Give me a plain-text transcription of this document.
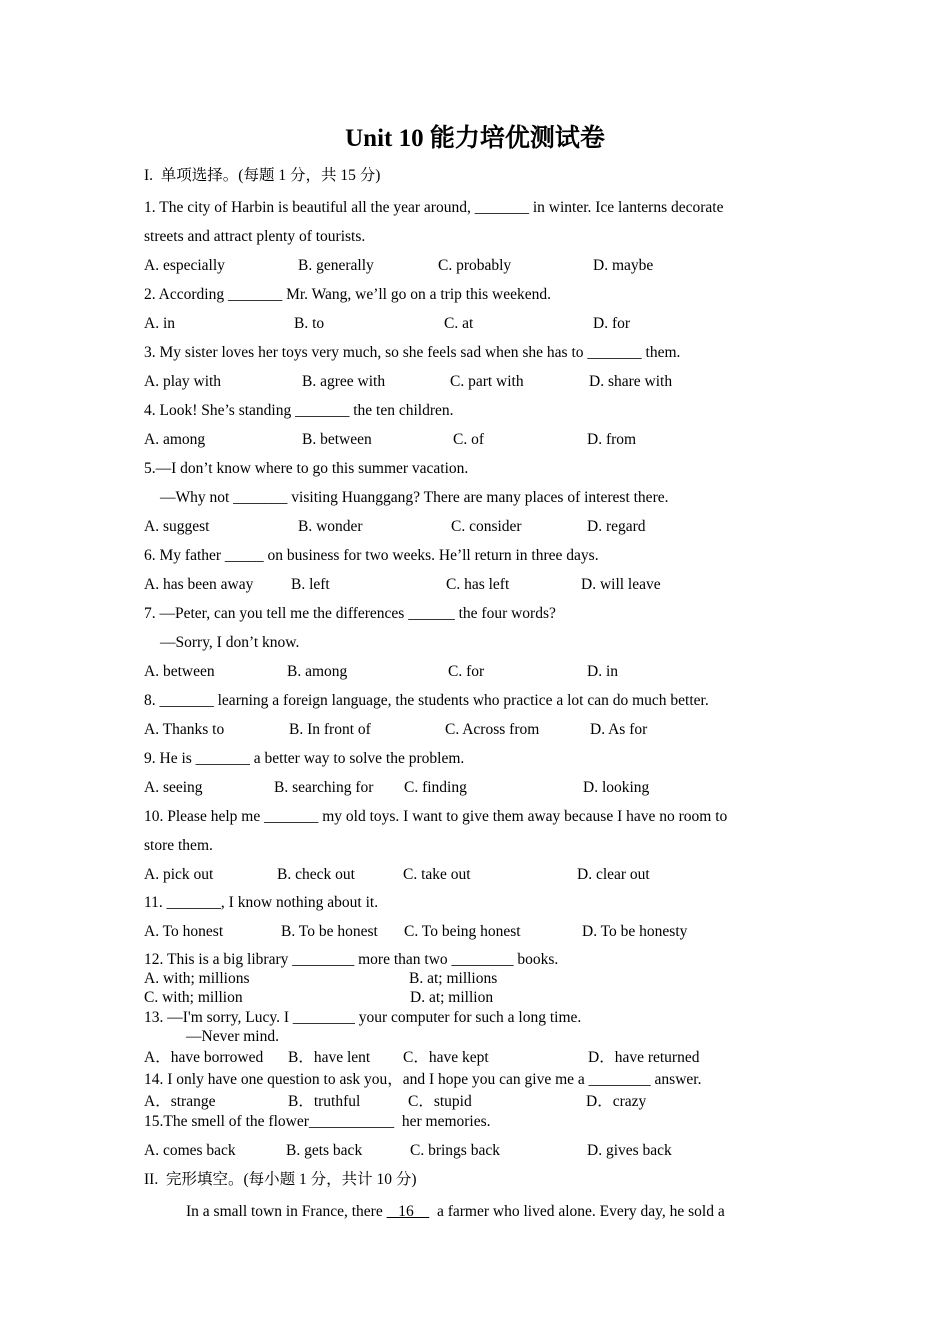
Unit 10 能力培优测试卷
I.  单项选择。(每题 1 分，共 15 分)
1. The city of Harbin is beautiful all the year around, _______ in winter. Ice lanterns decorate
streets and attract plenty of tourists.
A. especially	B. generally	C. probably	D. maybe
2. According _______ Mr. Wang, we’ll go on a trip this weekend.
A. in	B. to	C. at	D. for
3. My sister loves her toys very much, so she feels sad when she has to _______ them.
A. play with	B. agree with	C. part with	D. share with
4. Look! She’s standing _______ the ten children.
A. among	B. between	C. of	D. from
5.—I don’t know where to go this summer vacation.
—Why not _______ visiting Huanggang? There are many places of interest there.
A. suggest	B. wonder	C. consider	D. regard
6. My father _____ on business for two weeks. He’ll return in three days.
A. has been away B. left	C. has left	D. will leave
7. —Peter, can you tell me the differences ______ the four words?
—Sorry, I don’t know.
A. between	B. among	C. for	D. in
8. _______ learning a foreign language, the students who practice a lot can do much better.
A. Thanks to	B. In front of	C. Across from	D. As for
9. He is _______ a better way to solve the problem.
A. seeing	B. searching for C. finding	D. looking
10. Please help me _______ my old toys. I want to give them away because I have no room to
store them.
A. pick out	B. check out	C. take out	D. clear out
11. _______, I know nothing about it.
A. To honest	B. To be honest C. To being honest	D. To be honesty
12. This is a big library ________ more than two ________ books.
A. with; millions	B. at; millions
C. with; million	D. at; million
13. —I'm sorry, Lucy. I ________ your computer for such a long time.
—Never mind.
A．have borrowed B．have lent C．have kept	D．have returned
14. I only have one question to ask you，and I hope you can give me a ________ answer.
A．strange	B．truthful	C．stupid	D．crazy
15.The smell of the flower___________  her memories.
A. comes back	B. gets back	C. brings back	D. gives back
II.  完形填空。(每小题 1 分，共计 10 分)
In a small town in France, there    16      a farmer who lived alone. Every day, he sold a
